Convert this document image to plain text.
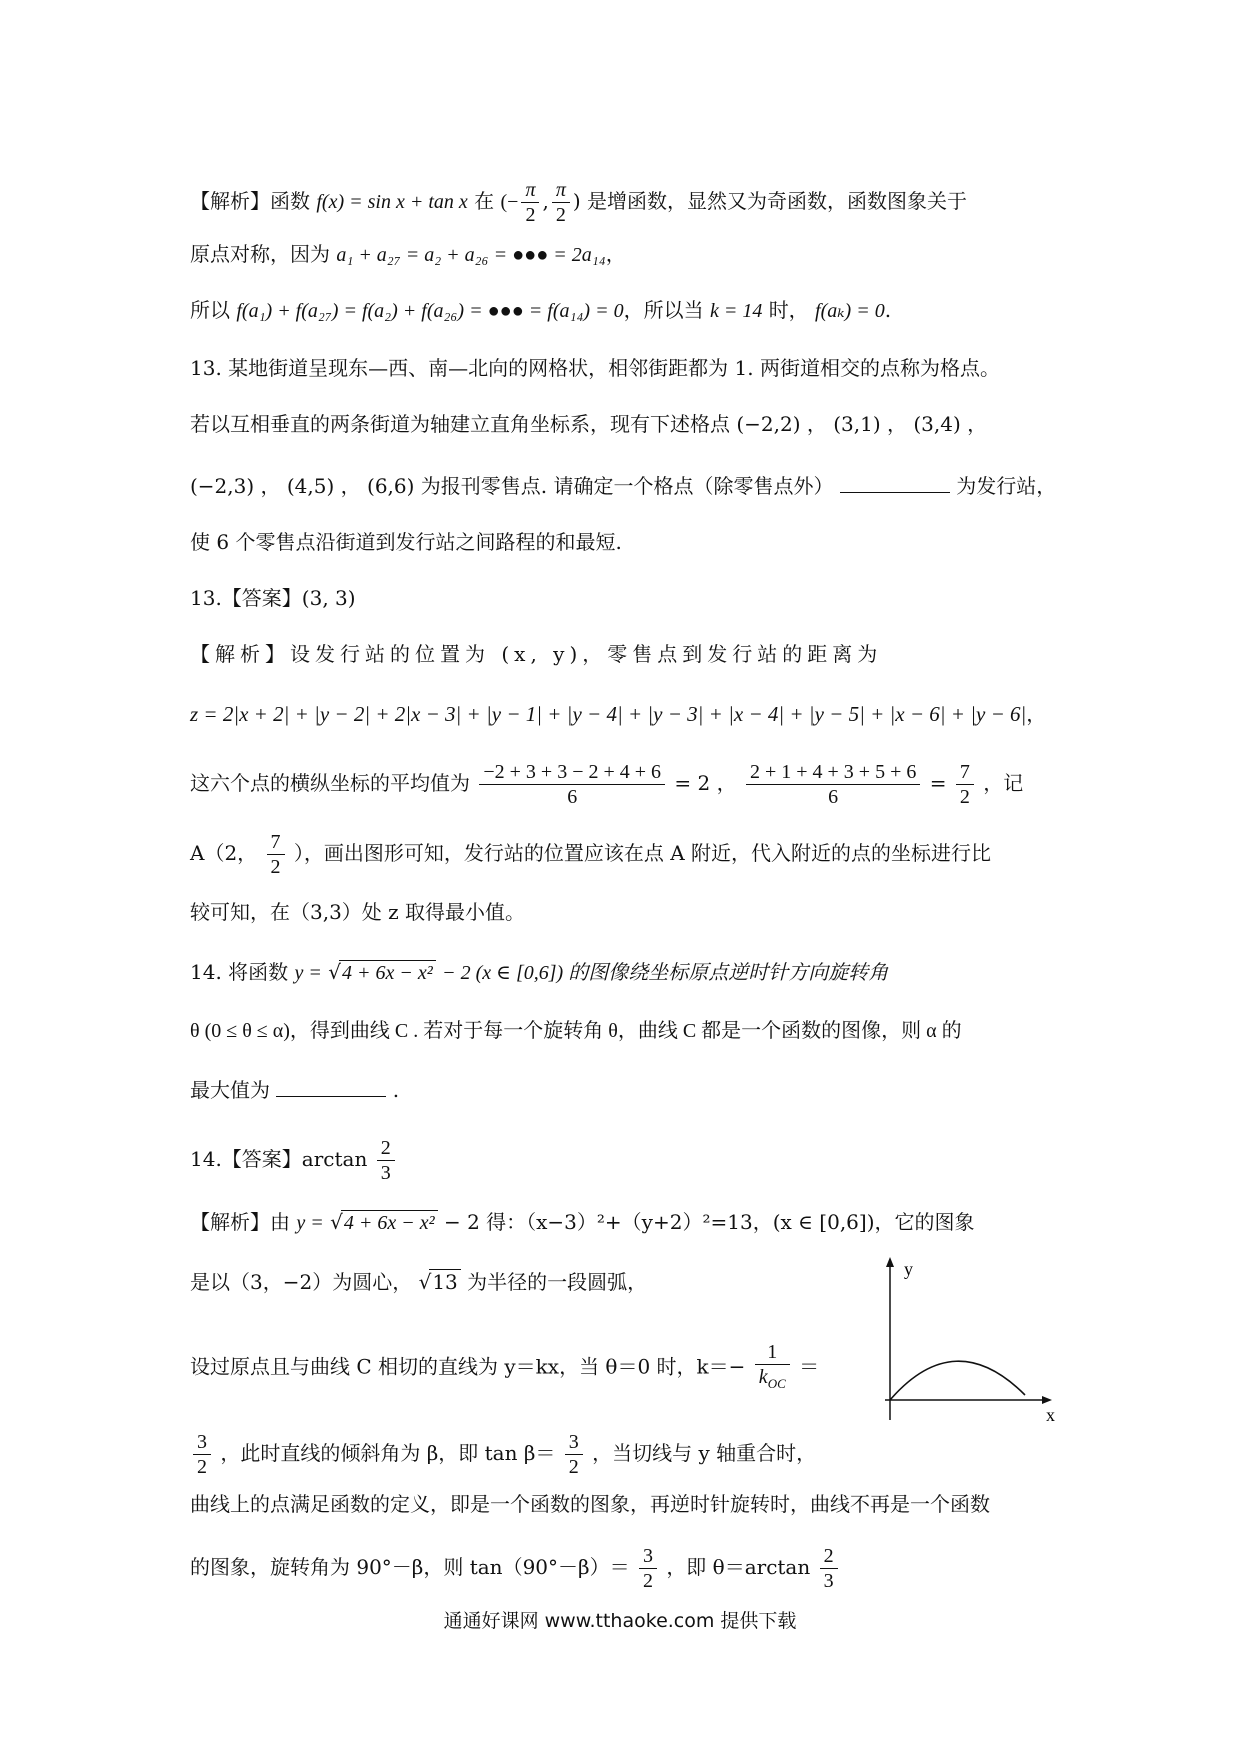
【解析】函数 f(x) = sin x + tan x 在 (− $\frac{\pi}{2}$ , $\frac{\pi}{2}$ ) 是增函数，显然又为奇函数，函数图象关于
原点对称，因为 a₁ + a₂₇ = a₂ + a₂₆ = ●●● = 2a₁₄，
所以 f(a₁) + f(a₂₇) = f(a₂) + f(a₂₆) = ●●● = f(a₁₄) = 0，所以当 k = 14 时， f(aₖ) = 0.
13. 某地街道呈现东—西、南—北向的网格状，相邻街距都为 1. 两街道相交的点称为格点。
若以互相垂直的两条街道为轴建立直角坐标系，现有下述格点 (−2,2) ， (3,1) ， (3,4) ，
(−2,3) ， (4,5) ， (6,6) 为报刊零售点. 请确定一个格点（除零售点外）	为发行站，
使 6 个零售点沿街道到发行站之间路程的和最短.
13.【答案】(3, 3)
【解析】设发行站的位置为 (x, y)，零售点到发行站的距离为
z = 2|x + 2| + |y − 2| + 2|x − 3| + |y − 1| + |y − 4| + |y − 3| + |x − 4| + |y − 5| + |x − 6| + |y − 6|，
这六个点的横纵坐标的平均值为 $\frac{-2 + 3 + 3 - 2 + 4 + 6}{6} = 2$ ， $\frac{2 + 1 + 4 + 3 + 5 + 6}{6} = \frac{7}{2}$ ，记
A（2， $\frac{7}{2}$ ），画出图形可知，发行站的位置应该在点 A 附近，代入附近的点的坐标进行比
较可知，在（3,3）处 z 取得最小值。
14. 将函数 y = √4 + 6x − x² − 2 (x ∈ [0,6]) 的图像绕坐标原点逆时针方向旋转角
θ (0 ≤ θ ≤ α)，得到曲线 C . 若对于每一个旋转角 θ，曲线 C 都是一个函数的图像，则 α 的
最大值为	.
14.【答案】$\arctan \frac{2}{3}$
【解析】由 y = √4 + 6x − x² − 2 得：（x−3）²+（y+2）²=13，(x ∈ [0,6])，它的图象
是以（3，−2）为圆心， √13 为半径的一段圆弧，
设过原点且与曲线 C 相切的直线为 y＝kx，当 θ＝0 时，$k=- \frac{1}{k_{OC}}$ ＝
$\frac{3}{2}$ ，此时直线的倾斜角为 β，即 $\tan \beta= \frac{3}{2}$ ，当切线与 y 轴重合时，
曲线上的点满足函数的定义，即是一个函数的图象，再逆时针旋转时，曲线不再是一个函数
的图象，旋转角为 90°－β，则 $\tan(90^\circ-\beta)= \frac{3}{2}$ ，即 $\theta=\arctan \frac{2}{3}$
y
x
通通好课网 www.tthaoke.com 提供下载
